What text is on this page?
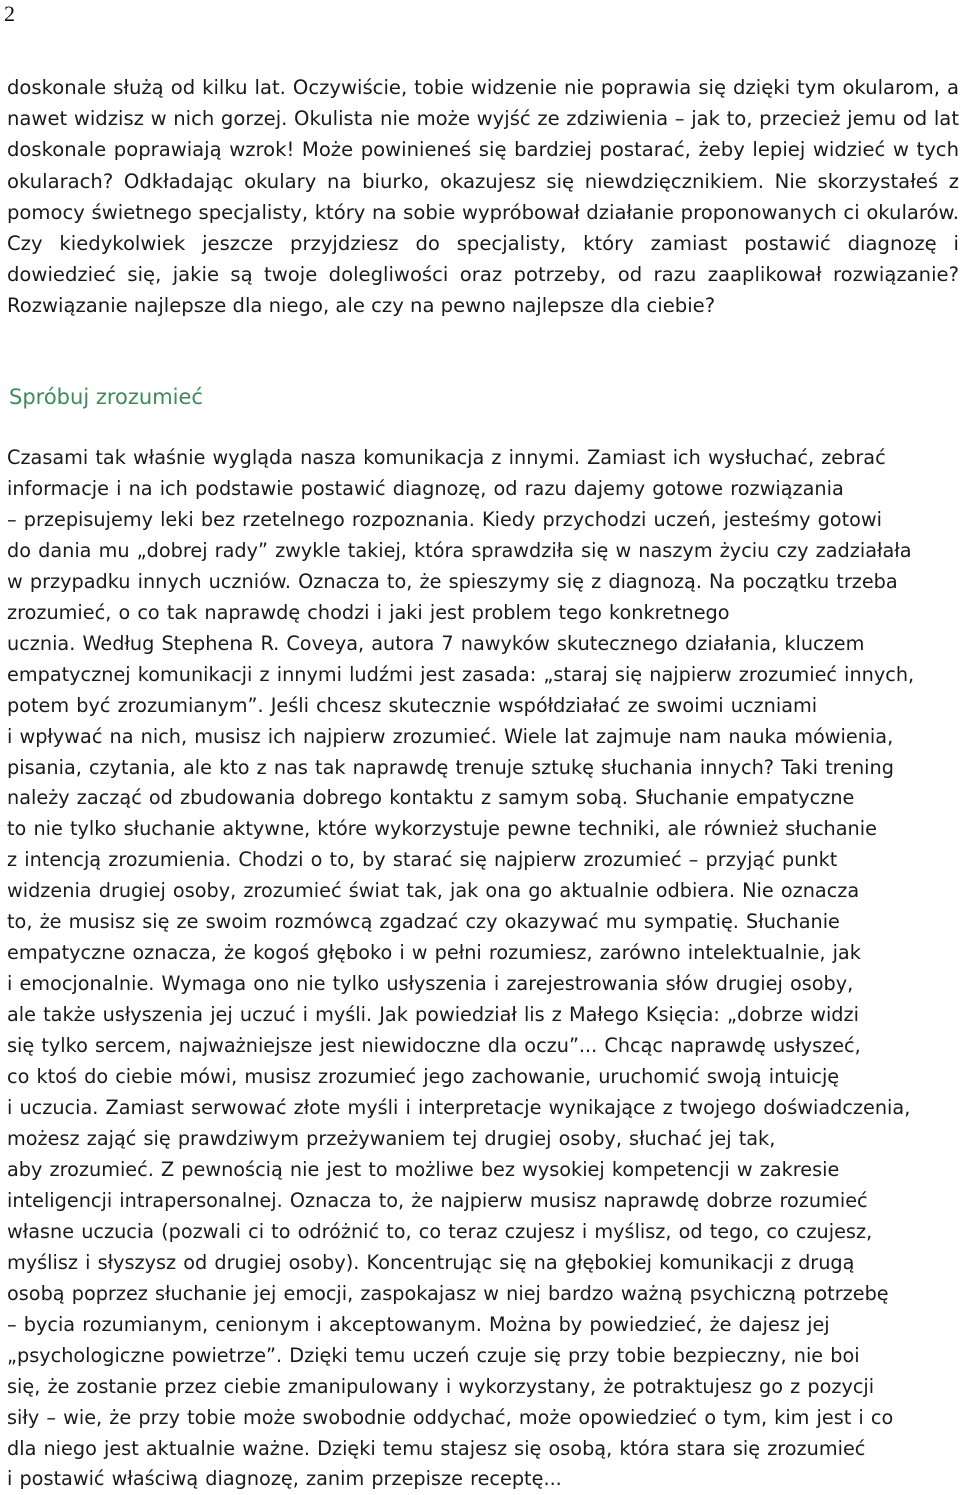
2

doskonale służą od kilku lat. Oczywiście, tobie widzenie nie poprawia się dzięki tym okularom, a nawet widzisz w nich gorzej. Okulista nie może wyjść ze zdziwienia – jak to, przecież jemu od lat doskonale poprawiają wzrok! Może powinieneś się bardziej postarać, żeby lepiej widzieć w tych okularach? Odkładając okulary na biurko, okazujesz się niewdzięcznikiem. Nie skorzystałeś z pomocy świetnego specjalisty, który na sobie wypróbował działanie proponowanych ci okularów. Czy kiedykolwiek jeszcze przyjdziesz do specjalisty, który zamiast postawić diagnozę i dowiedzieć się, jakie są twoje dolegliwości oraz potrzeby, od razu zaaplikował rozwiązanie? Rozwiązanie najlepsze dla niego, ale czy na pewno najlepsze dla ciebie?

Spróbuj zrozumieć
Czasami tak właśnie wygląda nasza komunikacja z innymi. Zamiast ich wysłuchać, zebrać
informacje i na ich podstawie postawić diagnozę, od razu dajemy gotowe rozwiązania
– przepisujemy leki bez rzetelnego rozpoznania. Kiedy przychodzi uczeń, jesteśmy gotowi
do dania mu „dobrej rady” zwykle takiej, która sprawdziła się w naszym życiu czy zadziałała
w przypadku innych uczniów. Oznacza to, że spieszymy się z diagnozą. Na początku trzeba
zrozumieć, o co tak naprawdę chodzi i jaki jest problem tego konkretnego
ucznia. Według Stephena R. Coveya, autora 7 nawyków skutecznego działania, kluczem
empatycznej komunikacji z innymi ludźmi jest zasada: „staraj się najpierw zrozumieć innych,
potem być zrozumianym”. Jeśli chcesz skutecznie współdziałać ze swoimi uczniami
i wpływać na nich, musisz ich najpierw zrozumieć. Wiele lat zajmuje nam nauka mówienia,
pisania, czytania, ale kto z nas tak naprawdę trenuje sztukę słuchania innych? Taki trening
należy zacząć od zbudowania dobrego kontaktu z samym sobą. Słuchanie empatyczne
to nie tylko słuchanie aktywne, które wykorzystuje pewne techniki, ale również słuchanie
z intencją zrozumienia. Chodzi o to, by starać się najpierw zrozumieć – przyjąć punkt
widzenia drugiej osoby, zrozumieć świat tak, jak ona go aktualnie odbiera. Nie oznacza
to, że musisz się ze swoim rozmówcą zgadzać czy okazywać mu sympatię. Słuchanie
empatyczne oznacza, że kogoś głęboko i w pełni rozumiesz, zarówno intelektualnie, jak
i emocjonalnie. Wymaga ono nie tylko usłyszenia i zarejestrowania słów drugiej osoby,
ale także usłyszenia jej uczuć i myśli. Jak powiedział lis z Małego Księcia: „dobrze widzi
się tylko sercem, najważniejsze jest niewidoczne dla oczu”... Chcąc naprawdę usłyszeć,
co ktoś do ciebie mówi, musisz zrozumieć jego zachowanie, uruchomić swoją intuicję
i uczucia. Zamiast serwować złote myśli i interpretacje wynikające z twojego doświadczenia,
możesz zająć się prawdziwym przeżywaniem tej drugiej osoby, słuchać jej tak,
aby zrozumieć. Z pewnością nie jest to możliwe bez wysokiej kompetencji w zakresie
inteligencji intrapersonalnej. Oznacza to, że najpierw musisz naprawdę dobrze rozumieć
własne uczucia (pozwali ci to odróżnić to, co teraz czujesz i myślisz, od tego, co czujesz,
myślisz i słyszysz od drugiej osoby). Koncentrując się na głębokiej komunikacji z drugą
osobą poprzez słuchanie jej emocji, zaspokajasz w niej bardzo ważną psychiczną potrzebę
– bycia rozumianym, cenionym i akceptowanym. Można by powiedzieć, że dajesz jej
„psychologiczne powietrze”. Dzięki temu uczeń czuje się przy tobie bezpieczny, nie boi
się, że zostanie przez ciebie zmanipulowany i wykorzystany, że potraktujesz go z pozycji
siły – wie, że przy tobie może swobodnie oddychać, może opowiedzieć o tym, kim jest i co
dla niego jest aktualnie ważne. Dzięki temu stajesz się osobą, która stara się zrozumieć
i postawić właściwą diagnozę, zanim przepisze receptę...
